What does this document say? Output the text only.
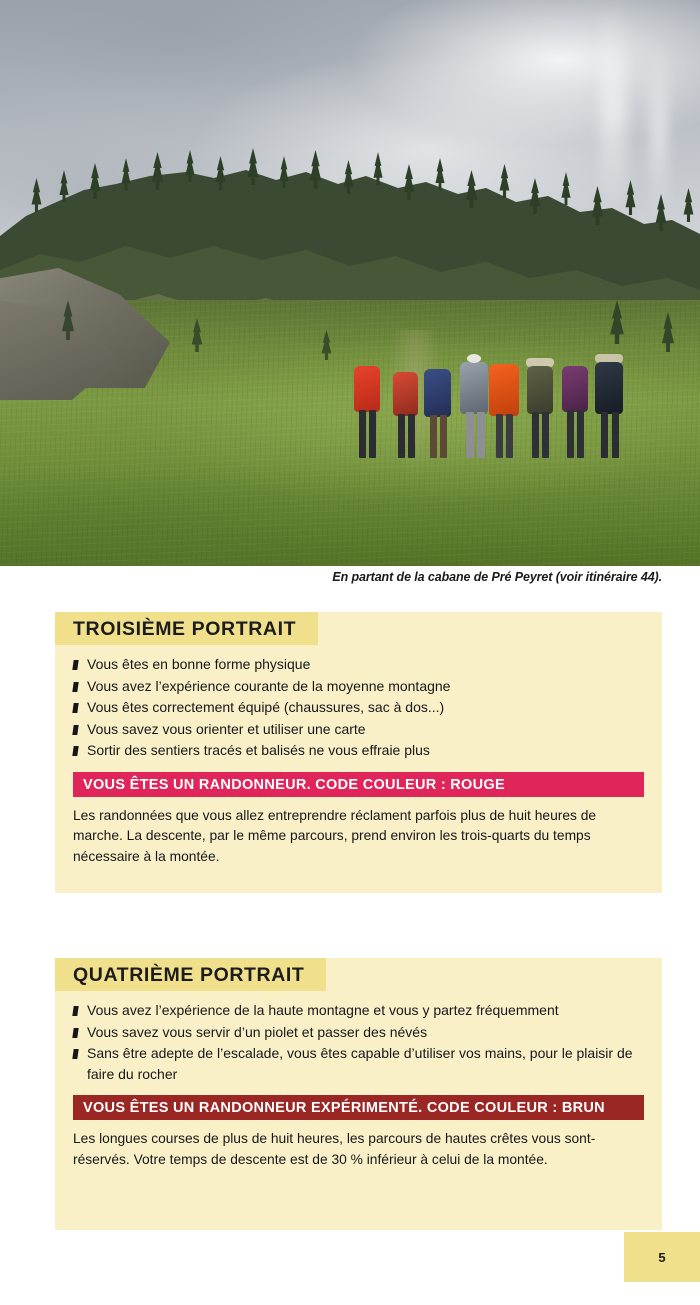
En partant de la cabane de Pré Peyret (voir itinéraire 44).
TROISIÈME PORTRAIT
Vous êtes en bonne forme physique
Vous avez l’expérience courante de la moyenne montagne
Vous êtes correctement équipé (chaussures, sac à dos...)
Vous savez vous orienter et utiliser une carte
Sortir des sentiers tracés et balisés ne vous effraie plus
VOUS ÊTES UN RANDONNEUR. CODE COULEUR : ROUGE

Les randonnées que vous allez entreprendre réclament parfois plus de huit heures de marche. La descente, par le même parcours, prend environ les trois-quarts du temps nécessaire à la montée.

QUATRIÈME PORTRAIT
Vous avez l’expérience de la haute montagne et vous y partez fréquemment
Vous savez vous servir d’un piolet et passer des névés
Sans être adepte de l’escalade, vous êtes capable d’utiliser vos mains, pour le plaisir de faire du rocher
VOUS ÊTES UN RANDONNEUR EXPÉRIMENTÉ. CODE COULEUR : BRUN

Les longues courses de plus de huit heures, les parcours de hautes crêtes vous sont-réservés. Votre temps de descente est de 30 % inférieur à celui de la montée.

5
